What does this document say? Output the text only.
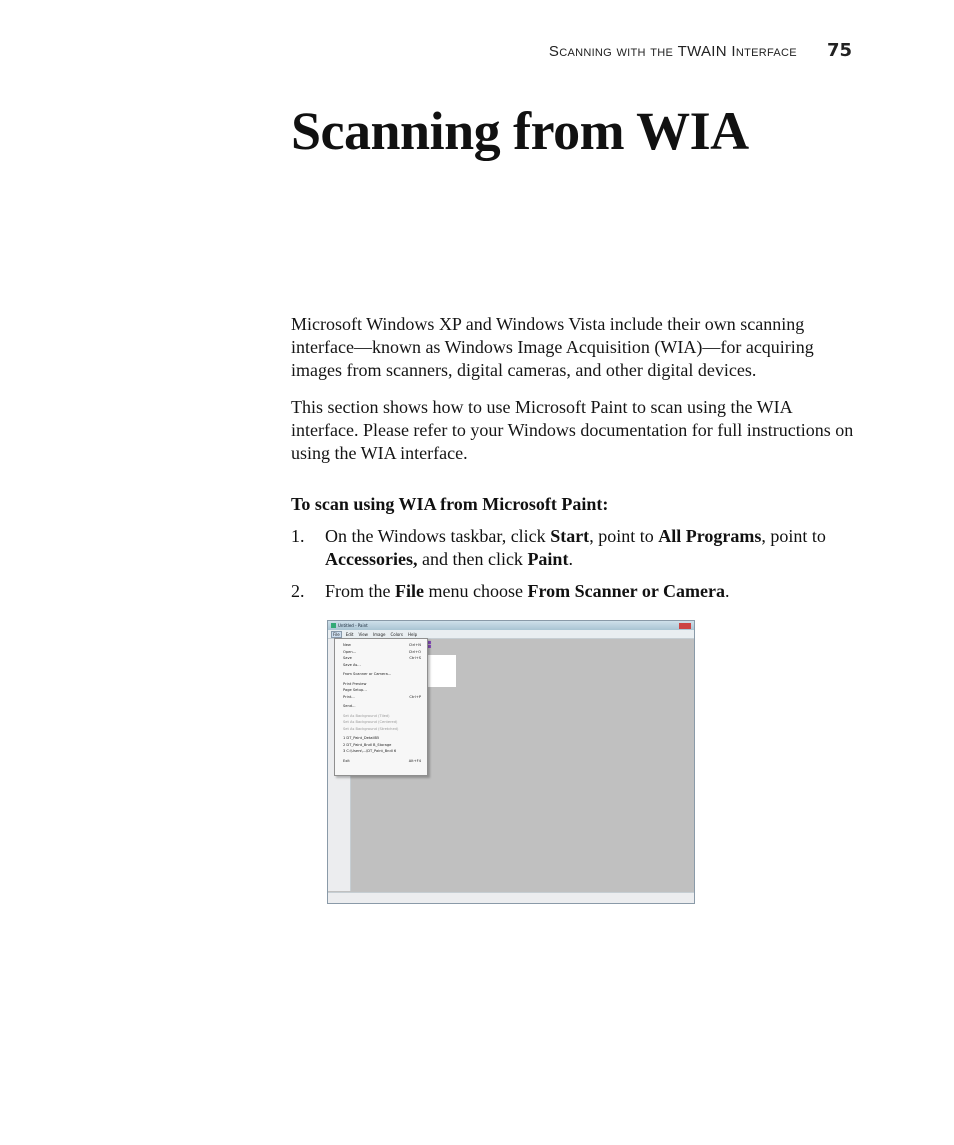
Scanning with the TWAIN Interface 75
Scanning from WIA

Microsoft Windows XP and Windows Vista include their own scanning interface—known as Windows Image Acquisition (WIA)—for acquiring images from scanners, digital cameras, and other digital devices.

This section shows how to use Microsoft Paint to scan using the WIA interface. Please refer to your Windows documentation for full instructions on using the WIA interface.

To scan using WIA from Microsoft Paint:

1. On the Windows taskbar, click Start, point to All Programs, point to Accessories, and then click Paint.
2. From the File menu choose From Scanner or Camera.
Untitled - Paint
File Edit View Image Colors Help
New	Ctrl+N
Open...	Ctrl+O
Save	Ctrl+S
Save As...
From Scanner or Camera...
Print Preview
Page Setup...
Print...	Ctrl+P
Send...
Set As Background (Tiled)
Set As Background (Centered)
Set As Background (Stretched)
1 DT_Paint_DetailB5
2 DT_Paint_Bndl B_Storage
3 C:\Users\...\DT_Paint_Bndl 6
Exit	Alt+F4
